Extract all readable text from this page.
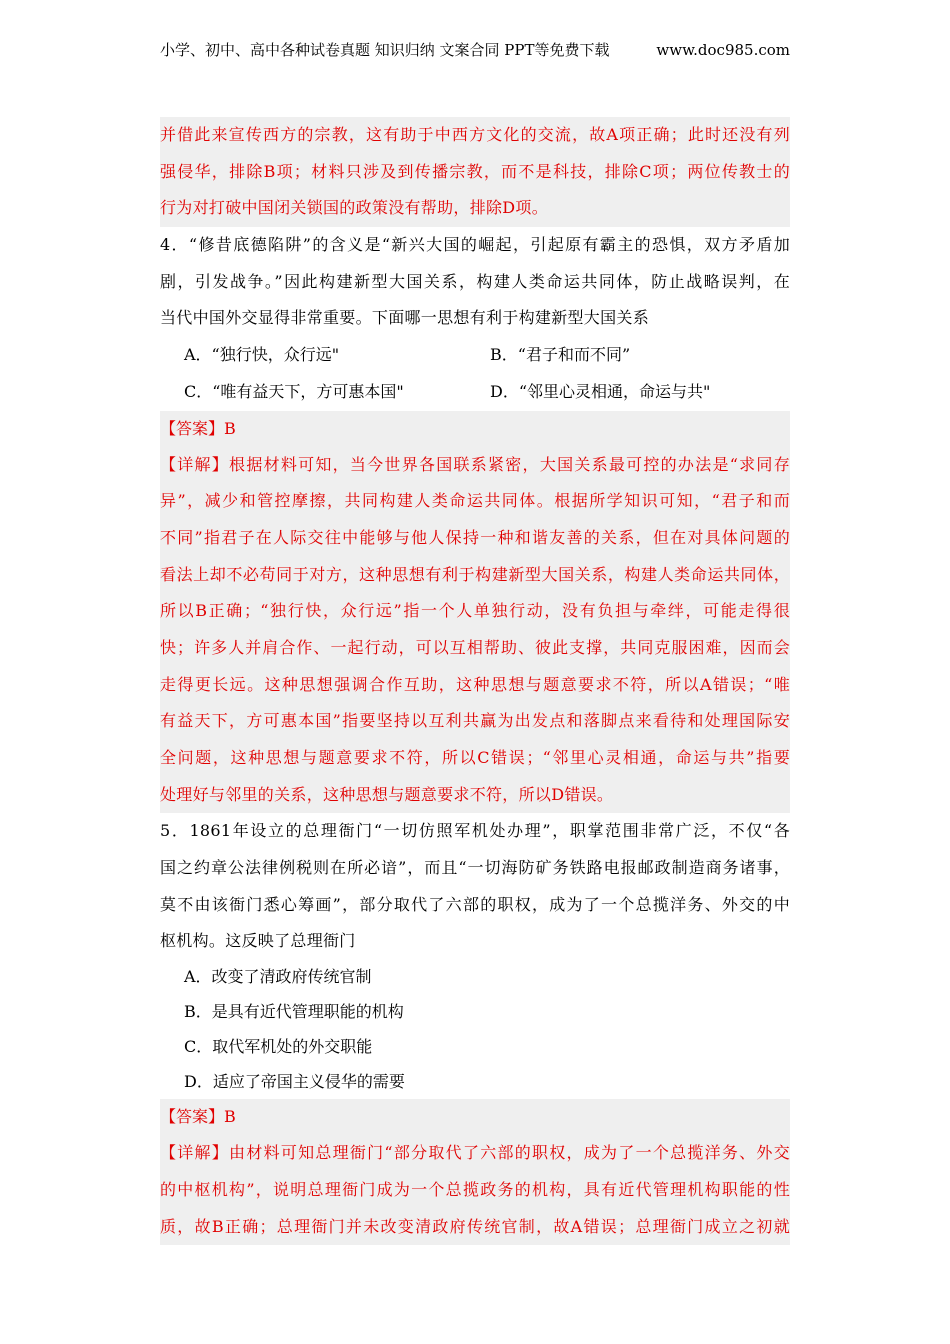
小学、初中、高中各种试卷真题 知识归纳 文案合同 PPT等免费下载	www.doc985.com
并借此来宣传西方的宗教，这有助于中西方文化的交流，故A项正确；此时还没有列
强侵华，排除B项；材料只涉及到传播宗教，而不是科技，排除C项；两位传教士的
行为对打破中国闭关锁国的政策没有帮助，排除D项。
4．“修昔底德陷阱”的含义是“新兴大国的崛起，引起原有霸主的恐惧，双方矛盾加
剧，引发战争。”因此构建新型大国关系，构建人类命运共同体，防止战略误判，在
当代中国外交显得非常重要。下面哪一思想有利于构建新型大国关系
A．“独行快，众行远"	B．“君子和而不同”
C．“唯有益天下，方可惠本国"	D．“邻里心灵相通，命运与共"
【答案】B
【详解】根据材料可知，当今世界各国联系紧密，大国关系最可控的办法是“求同存
异”，减少和管控摩擦，共同构建人类命运共同体。根据所学知识可知，“君子和而
不同”指君子在人际交往中能够与他人保持一种和谐友善的关系，但在对具体问题的
看法上却不必苟同于对方，这种思想有利于构建新型大国关系，构建人类命运共同体，
所以B正确；“独行快，众行远”指一个人单独行动，没有负担与牵绊，可能走得很
快；许多人并肩合作、一起行动，可以互相帮助、彼此支撑，共同克服困难，因而会
走得更长远。这种思想强调合作互助，这种思想与题意要求不符，所以A错误；“唯
有益天下，方可惠本国”指要坚持以互利共赢为出发点和落脚点来看待和处理国际安
全问题，这种思想与题意要求不符，所以C错误；“邻里心灵相通，命运与共”指要
处理好与邻里的关系，这种思想与题意要求不符，所以D错误。
5．1861年设立的总理衙门“一切仿照军机处办理”，职掌范围非常广泛，不仅“各
国之约章公法律例税则在所必谙”，而且“一切海防矿务铁路电报邮政制造商务诸事，
莫不由该衙门悉心筹画”，部分取代了六部的职权，成为了一个总揽洋务、外交的中
枢机构。这反映了总理衙门
A．改变了清政府传统官制
B．是具有近代管理职能的机构
C．取代军机处的外交职能
D．适应了帝国主义侵华的需要
【答案】B
【详解】由材料可知总理衙门“部分取代了六部的职权，成为了一个总揽洋务、外交
的中枢机构”，说明总理衙门成为一个总揽政务的机构，具有近代管理机构职能的性
质，故B正确；总理衙门并未改变清政府传统官制，故A错误；总理衙门成立之初就
